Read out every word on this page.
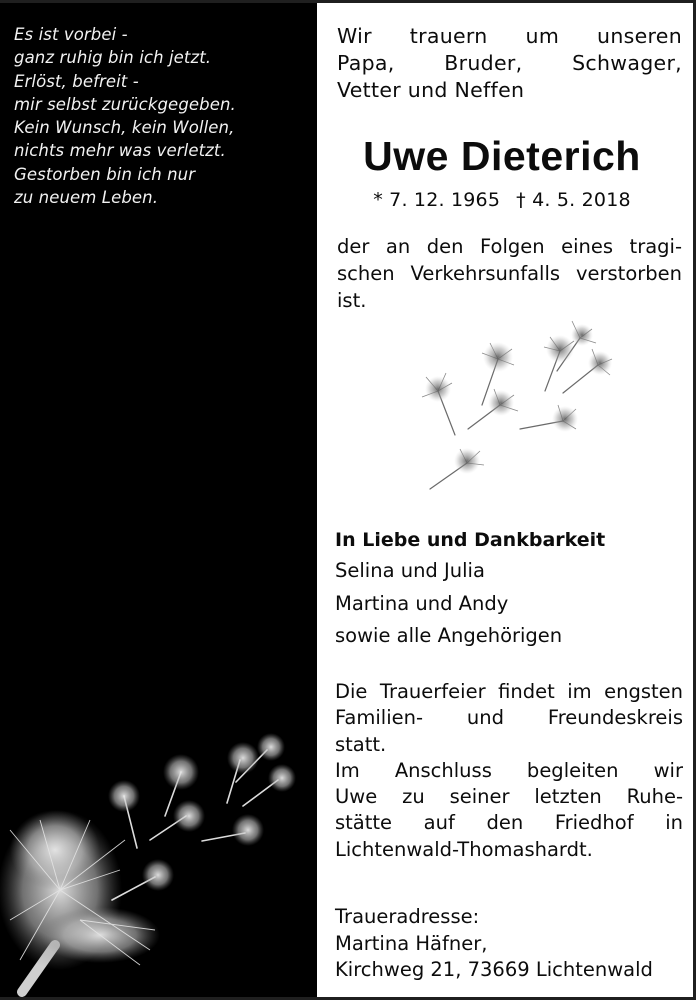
Es ist vorbei -
ganz ruhig bin ich jetzt.
Erlöst, befreit -
mir selbst zurückgegeben.
Kein Wunsch, kein Wollen,
nichts mehr was verletzt.
Gestorben bin ich nur
zu neuem Leben.
Wir trauern um unseren
Papa, Bruder, Schwager,
Vetter und Neffen
Uwe Dieterich
* 7. 12. 1965 † 4. 5. 2018
der an den Folgen eines tragi-
schen Verkehrsunfalls verstorben
ist.
In Liebe und Dankbarkeit
Selina und Julia
Martina und Andy
sowie alle Angehörigen
Die Trauerfeier findet im engsten
Familien- und Freundeskreis
statt.
Im Anschluss begleiten wir
Uwe zu seiner letzten Ruhe-
stätte auf den Friedhof in
Lichtenwald-Thomashardt.
Traueradresse:
Martina Häfner,
Kirchweg 21, 73669 Lichtenwald
